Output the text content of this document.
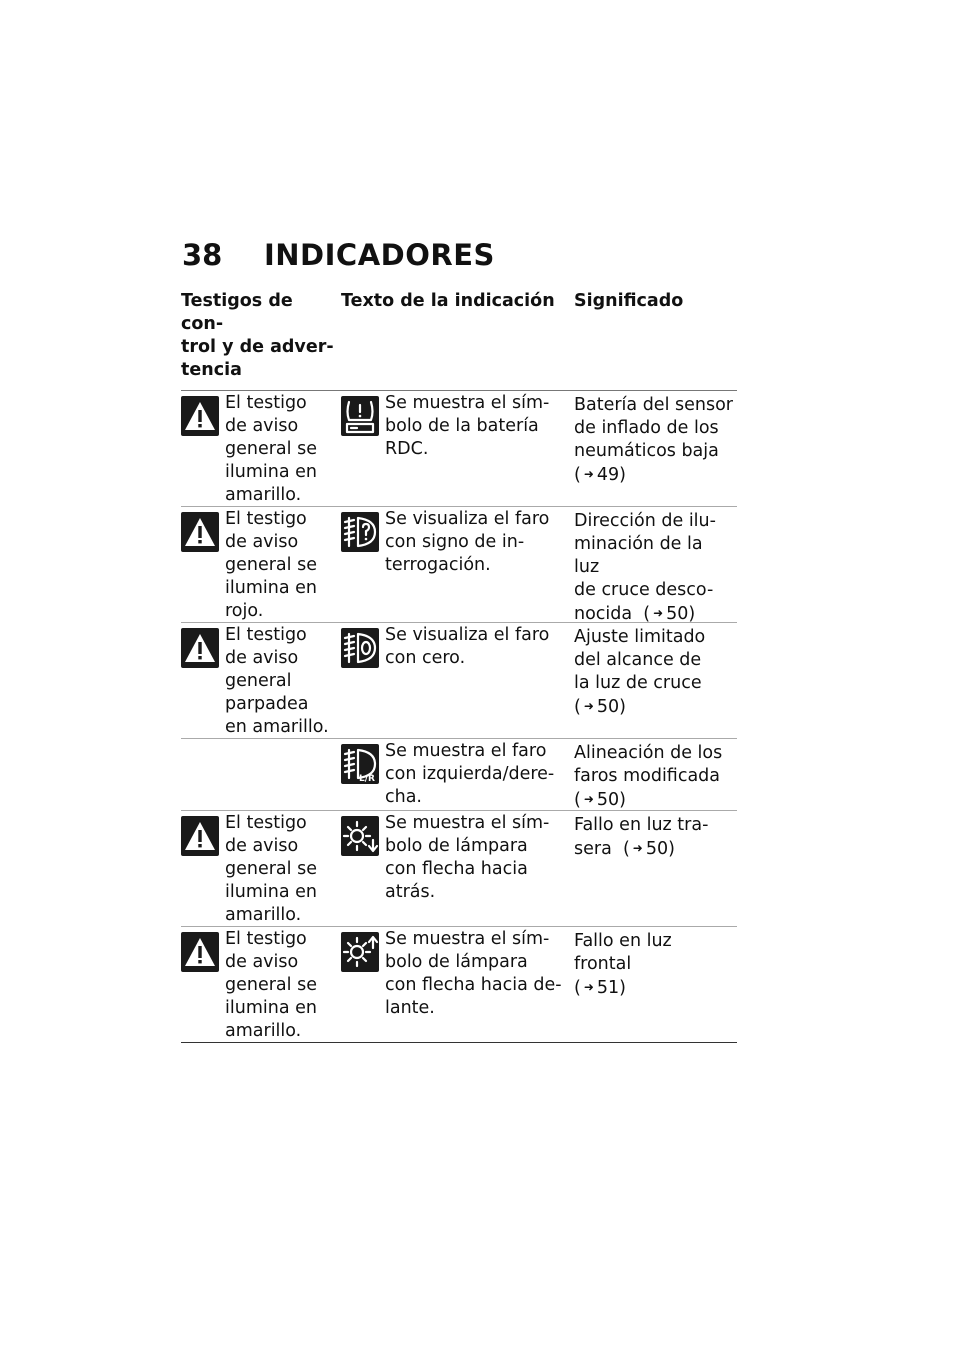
38	INDICADORES
Testigos de con-
trol y de adver-
tencia
Texto de la indicación	Significado
El testigo
de aviso
general se
ilumina en
amarillo.
Se muestra el sím-
bolo de la batería
RDC.
Batería del sensor
de inflado de los
neumáticos baja
( ➜ 49)
El testigo
de aviso
general se
ilumina en
rojo.
Se visualiza el faro
con signo de in-
terrogación.
Dirección de ilu-
minación de la luz
de cruce desco-
nocida  ( ➜ 50)
El testigo
de aviso
general
parpadea
en amarillo.
Se visualiza el faro
con cero.
Ajuste limitado
del alcance de
la luz de cruce
( ➜ 50)
L/R
Se muestra el faro
con izquierda/dere-
cha.
Alineación de los
faros modificada
( ➜ 50)
El testigo
de aviso
general se
ilumina en
amarillo.
Se muestra el sím-
bolo de lámpara
con flecha hacia
atrás.
Fallo en luz tra-
sera  ( ➜ 50)
El testigo
de aviso
general se
ilumina en
amarillo.
Se muestra el sím-
bolo de lámpara
con flecha hacia de-
lante.
Fallo en luz frontal
( ➜ 51)
